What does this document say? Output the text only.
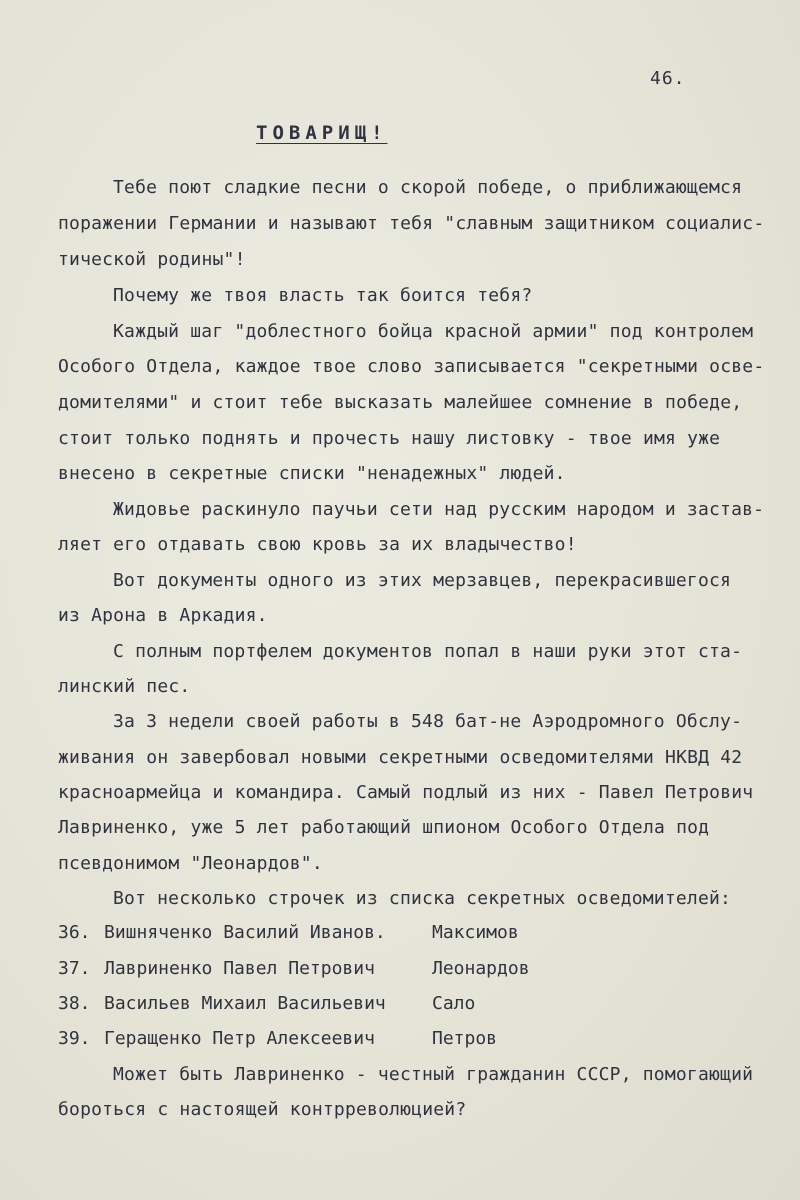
46.
ТОВАРИЩ!
Тебе поют сладкие песни о скорой победе, о приближающемся
поражении Германии и называют тебя "славным защитником социалис-
тической родины"!
Почему же твоя власть так боится тебя?
Каждый шаг "доблестного бойца красной армии" под контролем
Особого Отдела, каждое твое слово записывается "секретными осве-
домителями" и стоит тебе высказать малейшее сомнение в победе,
стоит только поднять и прочесть нашу листовку - твое имя уже
внесено в секретные списки "ненадежных" людей.
Жидовье раскинуло паучьи сети над русским народом и застав-
ляет его отдавать свою кровь за их владычество!
Вот документы одного из этих мерзавцев, перекрасившегося
из Арона в Аркадия.
С полным портфелем документов попал в наши руки этот ста-
линский пес.
За 3 недели своей работы в 548 бат-не Аэродромного Обслу-
живания он завербовал новыми секретными осведомителями НКВД 42
красноармейца и командира. Самый подлый из них - Павел Петрович
Лавриненко, уже 5 лет работающий шпионом Особого Отдела под
псевдонимом "Леонардов".
Вот несколько строчек из списка секретных осведомителей:
36. Вишняченко Василий Иванов.	Максимов
37. Лавриненко Павел Петрович	Леонардов
38. Васильев Михаил Васильевич	Сало
39. Геращенко Петр Алексеевич	Петров
Может быть Лавриненко - честный гражданин СССР, помогающий
бороться с настоящей контрреволюцией?
